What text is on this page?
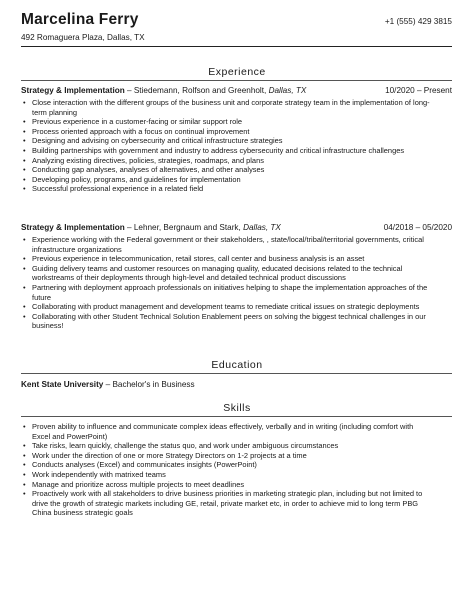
Marcelina Ferry	+1 (555) 429 3815
492 Romaguera Plaza, Dallas, TX
Experience
Strategy & Implementation – Stiedemann, Rolfson and Greenholt, Dallas, TX	10/2020 – Present
• Close interaction with the different groups of the business unit and corporate strategy team in the implementation of long-term planning
• Previous experience in a customer-facing or similar support role
• Process oriented approach with a focus on continual improvement
• Designing and advising on cybersecurity and critical infrastructure strategies
• Building partnerships with government and industry to address cybersecurity and critical infrastructure challenges
• Analyzing existing directives, policies, strategies, roadmaps, and plans
• Conducting gap analyses, analyses of alternatives, and other analyses
• Developing policy, programs, and guidelines for implementation
• Successful professional experience in a related field
Strategy & Implementation – Lehner, Bergnaum and Stark, Dallas, TX	04/2018 – 05/2020
• Experience working with the Federal government or their stakeholders, , state/local/tribal/territorial governments, critical infrastructure organizations
• Previous experience in telecommunication, retail stores, call center and business analysis is an asset
• Guiding delivery teams and customer resources on managing quality, educated decisions related to the technical workstreams of their deployments through high-level and detailed technical product discussions
• Partnering with deployment approach professionals on initiatives helping to shape the implementation approaches of the future
• Collaborating with product management and development teams to remediate critical issues on strategic deployments
• Collaborating with other Student Technical Solution Enablement peers on solving the biggest technical challenges in our business!
Education
Kent State University – Bachelor's in Business
Skills
• Proven ability to influence and communicate complex ideas effectively, verbally and in writing (including comfort with Excel and PowerPoint)
• Take risks, learn quickly, challenge the status quo, and work under ambiguous circumstances
• Work under the direction of one or more Strategy Directors on 1-2 projects at a time
• Conducts analyses (Excel) and communicates insights (PowerPoint)
• Work independently with matrixed teams
• Manage and prioritize across multiple projects to meet deadlines
• Proactively work with all stakeholders to drive business priorities in marketing strategic plan, including but not limited to drive the growth of strategic markets including GE, retail, private market etc, in order to achieve mid to long term PBG China business strategic goals
